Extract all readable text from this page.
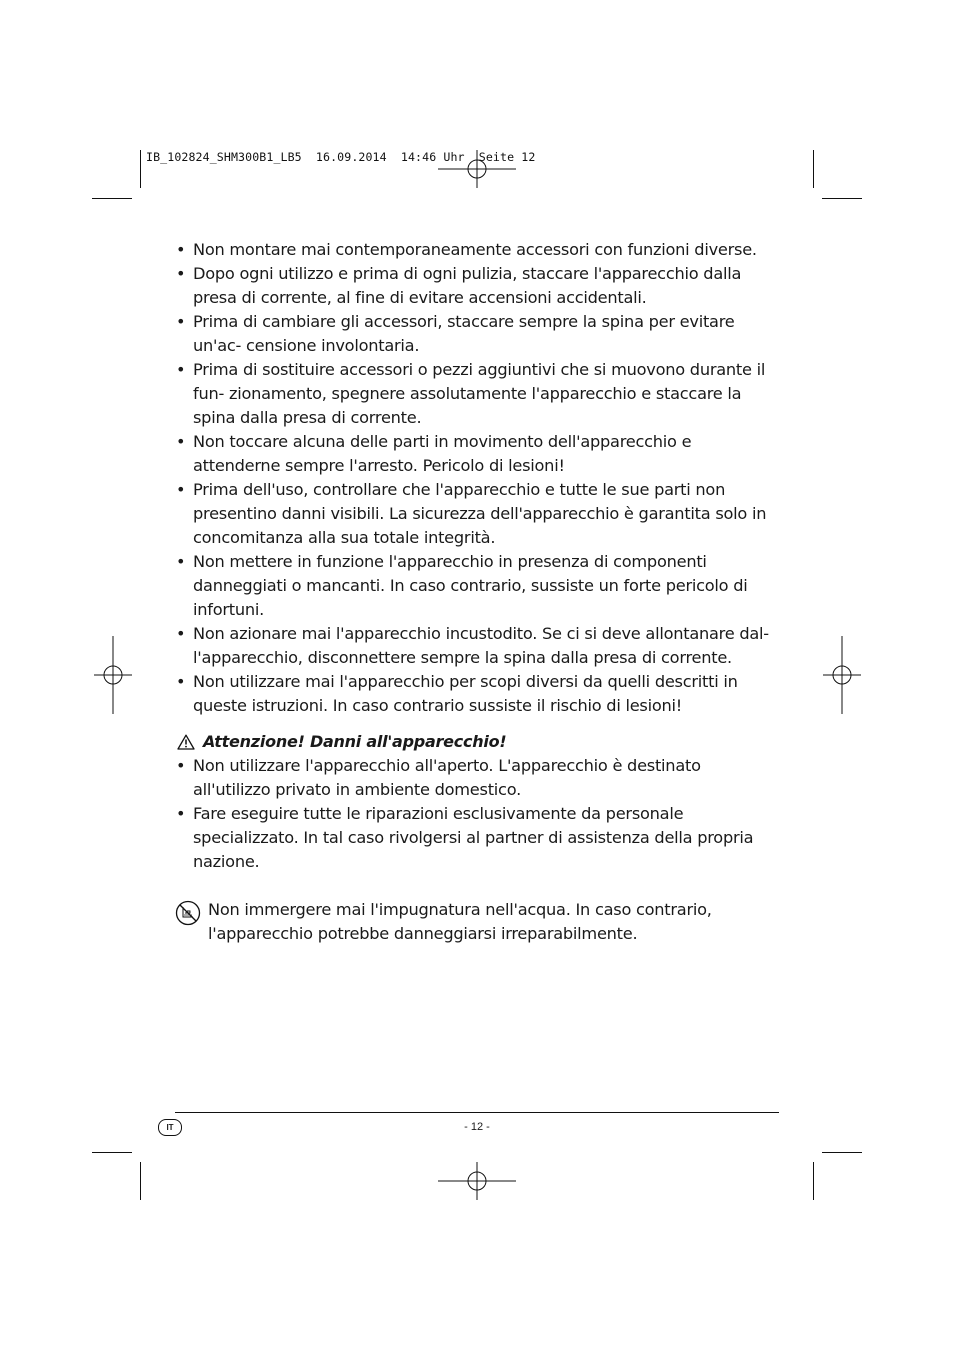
IB_102824_SHM300B1_LB5  16.09.2014  14:46 Uhr  Seite 12
• Non montare mai contemporaneamente accessori con funzioni diverse.
• Dopo ogni utilizzo e prima di ogni pulizia, staccare l'apparecchio dalla presa di corrente, al fine di evitare accensioni accidentali.
• Prima di cambiare gli accessori, staccare sempre la spina per evitare un'ac- censione involontaria.
• Prima di sostituire accessori o pezzi aggiuntivi che si muovono durante il fun- zionamento, spegnere assolutamente l'apparecchio e staccare la spina dalla presa di corrente.
• Non toccare alcuna delle parti in movimento dell'apparecchio e attenderne sempre l'arresto. Pericolo di lesioni!
• Prima dell'uso, controllare che l'apparecchio e tutte le sue parti non presentino danni visibili. La sicurezza dell'apparecchio è garantita solo in concomitanza alla sua totale integrità.
• Non mettere in funzione l'apparecchio in presenza di componenti danneggiati o mancanti. In caso contrario, sussiste un forte pericolo di infortuni.
• Non azionare mai l'apparecchio incustodito. Se ci si deve allontanare dal- l'apparecchio, disconnettere sempre la spina dalla presa di corrente.
• Non utilizzare mai l'apparecchio per scopi diversi da quelli descritti in queste istruzioni. In caso contrario sussiste il rischio di lesioni!
Attenzione! Danni all'apparecchio!
• Non utilizzare l'apparecchio all'aperto. L'apparecchio è destinato all'utilizzo privato in ambiente domestico.
• Fare eseguire tutte le riparazioni esclusivamente da personale specializzato. In tal caso rivolgersi al partner di assistenza della propria nazione.
Non immergere mai l'impugnatura nell'acqua. In caso contrario, l'apparecchio potrebbe danneggiarsi irreparabilmente.
IT	- 12 -
